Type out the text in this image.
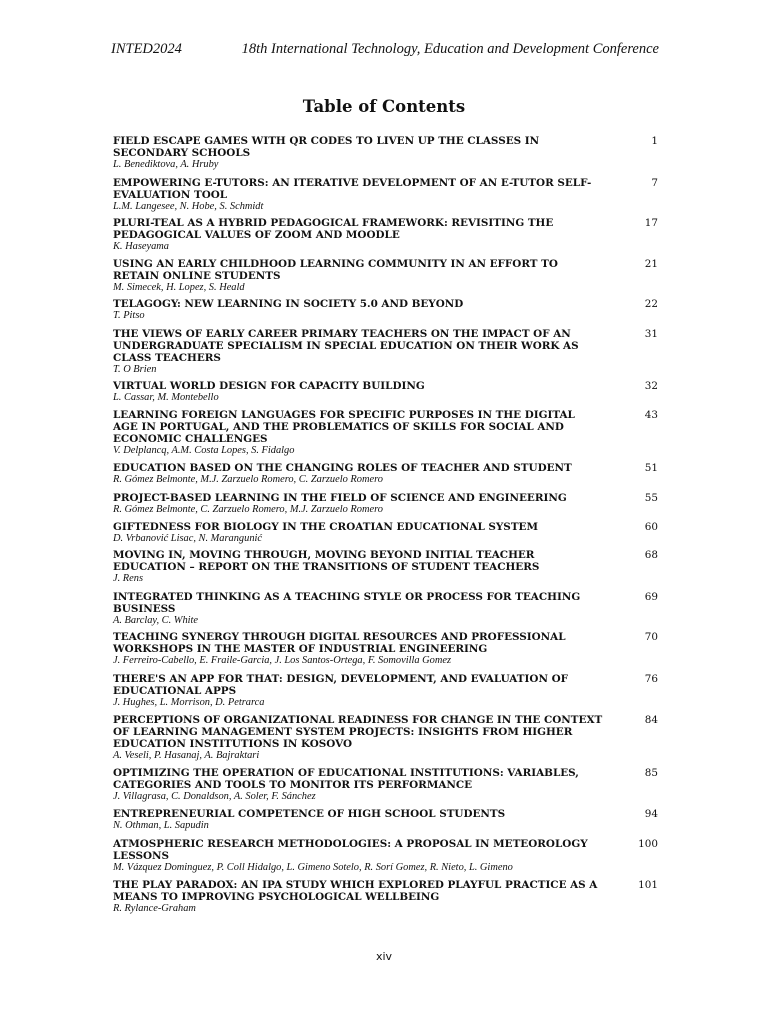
INTED2024	18th International Technology, Education and Development Conference
Table of Contents
FIELD ESCAPE GAMES WITH QR CODES TO LIVEN UP THE CLASSES IN SECONDARY SCHOOLS
L. Benediktova, A. Hruby
1
EMPOWERING E-TUTORS: AN ITERATIVE DEVELOPMENT OF AN E-TUTOR SELF-EVALUATION TOOL
L.M. Langesee, N. Hobe, S. Schmidt
7
PLURI-TEAL AS A HYBRID PEDAGOGICAL FRAMEWORK: REVISITING THE PEDAGOGICAL VALUES OF ZOOM AND MOODLE
K. Haseyama
17
USING AN EARLY CHILDHOOD LEARNING COMMUNITY IN AN EFFORT TO RETAIN ONLINE STUDENTS
M. Simecek, H. Lopez, S. Heald
21
TELAGOGY: NEW LEARNING IN SOCIETY 5.0 AND BEYOND
T. Pitso
22
THE VIEWS OF EARLY CAREER PRIMARY TEACHERS ON THE IMPACT OF AN UNDERGRADUATE SPECIALISM IN SPECIAL EDUCATION ON THEIR WORK AS CLASS TEACHERS
T. O Brien
31
VIRTUAL WORLD DESIGN FOR CAPACITY BUILDING
L. Cassar, M. Montebello
32
LEARNING FOREIGN LANGUAGES FOR SPECIFIC PURPOSES IN THE DIGITAL AGE IN PORTUGAL, AND THE PROBLEMATICS OF SKILLS FOR SOCIAL AND ECONOMIC CHALLENGES
V. Delplancq, A.M. Costa Lopes, S. Fidalgo
43
EDUCATION BASED ON THE CHANGING ROLES OF TEACHER AND STUDENT
R. Gómez Belmonte, M.J. Zarzuelo Romero, C. Zarzuelo Romero
51
PROJECT-BASED LEARNING IN THE FIELD OF SCIENCE AND ENGINEERING
R. Gómez Belmonte, C. Zarzuelo Romero, M.J. Zarzuelo Romero
55
GIFTEDNESS FOR BIOLOGY IN THE CROATIAN EDUCATIONAL SYSTEM
D. Vrbanović Lisac, N. Marangunić
60
MOVING IN, MOVING THROUGH, MOVING BEYOND INITIAL TEACHER EDUCATION – REPORT ON THE TRANSITIONS OF STUDENT TEACHERS
J. Rens
68
INTEGRATED THINKING AS A TEACHING STYLE OR PROCESS FOR TEACHING BUSINESS
A. Barclay, C. White
69
TEACHING SYNERGY THROUGH DIGITAL RESOURCES AND PROFESSIONAL WORKSHOPS IN THE MASTER OF INDUSTRIAL ENGINEERING
J. Ferreiro-Cabello, E. Fraile-Garcia, J. Los Santos-Ortega, F. Somovilla Gomez
70
THERE'S AN APP FOR THAT: DESIGN, DEVELOPMENT, AND EVALUATION OF EDUCATIONAL APPS
J. Hughes, L. Morrison, D. Petrarca
76
PERCEPTIONS OF ORGANIZATIONAL READINESS FOR CHANGE IN THE CONTEXT OF LEARNING MANAGEMENT SYSTEM PROJECTS: INSIGHTS FROM HIGHER EDUCATION INSTITUTIONS IN KOSOVO
A. Veseli, P. Hasanaj, A. Bajraktari
84
OPTIMIZING THE OPERATION OF EDUCATIONAL INSTITUTIONS: VARIABLES, CATEGORIES AND TOOLS TO MONITOR ITS PERFORMANCE
J. Villagrasa, C. Donaldson, A. Soler, F. Sánchez
85
ENTREPRENEURIAL COMPETENCE OF HIGH SCHOOL STUDENTS
N. Othman, L. Sapudin
94
ATMOSPHERIC RESEARCH METHODOLOGIES: A PROPOSAL IN METEOROLOGY LESSONS
M. Vázquez Dominguez, P. Coll Hidalgo, L. Gimeno Sotelo, R. Sorí Gomez, R. Nieto, L. Gimeno
100
THE PLAY PARADOX: AN IPA STUDY WHICH EXPLORED PLAYFUL PRACTICE AS A MEANS TO IMPROVING PSYCHOLOGICAL WELLBEING
R. Rylance-Graham
101
xiv
